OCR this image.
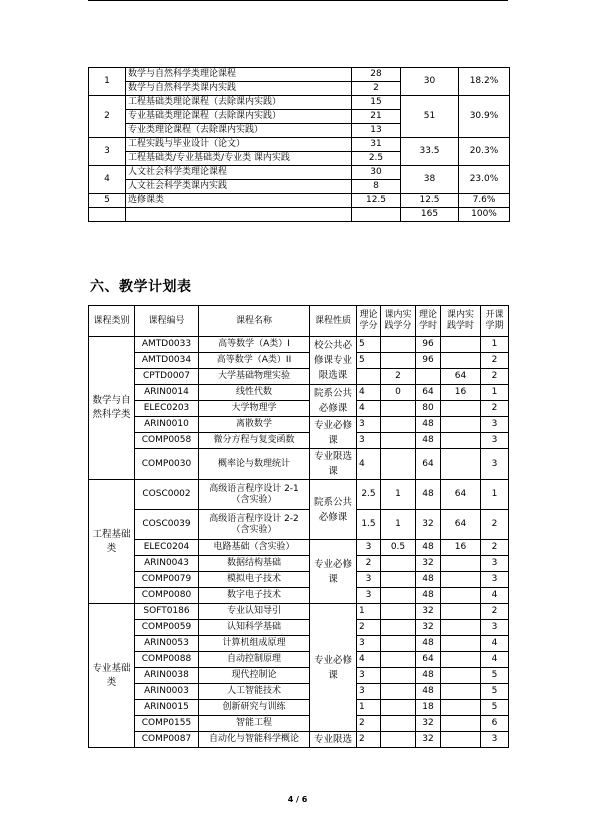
1	数学与自然科学类理论课程	28	30	18.2%
	数学与自然科学类课内实践	2		
2	工程基础类理论课程（去除课内实践）	15	51	30.9%
	专业基础类理论课程（去除课内实践）	21		
	专业类理论课程（去除课内实践）	13		
3	工程实践与毕业设计（论文）	31	33.5	20.3%
	工程基础类/专业基础类/专业类 课内实践	2.5		
4	人文社会科学类理论课程	30	38	23.0%
	人文社会科学类课内实践	8		
5	选修课类	12.5	12.5	7.6%
			165	100%
六、教学计划表
课程类别	课程编号	课程名称	课程性质	理论学分	课内实践学分	理论学时	课内实践学时	开课学期
数学与自然科学类	AMTD0033	高等数学（A类）I	校公共必修课专业限选课	5		96		1
	AMTD0034	高等数学（A类）II		5		96		2
	CPTD0007	大学基础物理实验			2		64	2
	ARIN0014	线性代数	院系公共必修课	4	0	64	16	1
	ELEC0203	大学物理学		4		80		2
	ARIN0010	离散数学	专业必修课	3		48		3
	COMP0058	微分方程与复变函数		3		48		3
	COMP0030	概率论与数理统计	专业限选课	4		64		3
工程基础类	COSC0002	高级语言程序设计 2-1（含实验）	院系公共必修课	2.5	1	48	64	1
	COSC0039	高级语言程序设计 2-2（含实验）		1.5	1	32	64	2
	ELEC0204	电路基础（含实验）	专业必修课	3	0.5	48	16	2
	ARIN0043	数据结构基础		2		32		3
	COMP0079	模拟电子技术		3		48		3
	COMP0080	数字电子技术		3		48		4
专业基础类	SOFT0186	专业认知导引	专业必修课	1		32		2
	COMP0059	认知科学基础		2		32		3
	ARIN0053	计算机组成原理		3		48		4
	COMP0088	自动控制原理		4		64		4
	ARIN0038	现代控制论		3		48		5
	ARIN0003	人工智能技术		3		48		5
	ARIN0015	创新研究与训练		1		18		5
	COMP0155	智能工程		2		32		6
	COMP0087	自动化与智能科学概论	专业限选	2		32		3
4 / 6
